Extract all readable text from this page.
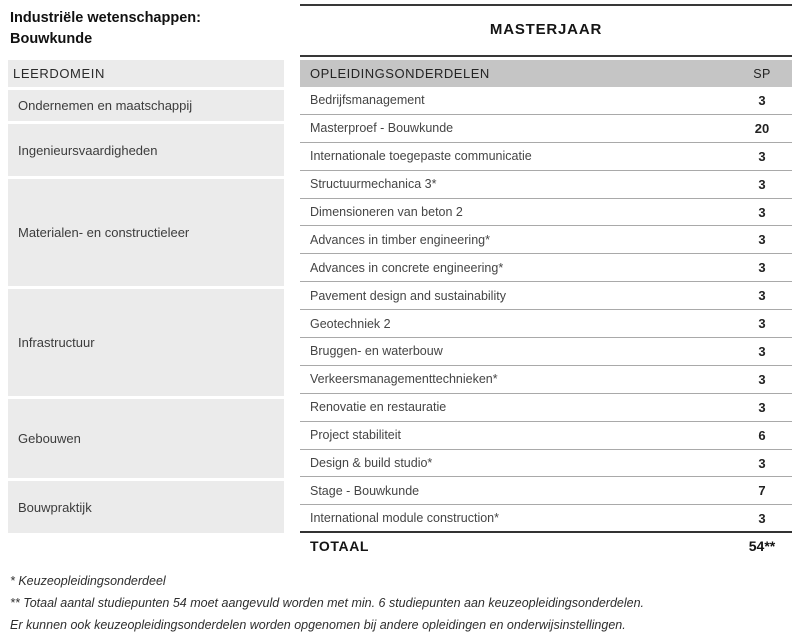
Industriële wetenschappen:
Bouwkunde
LEERDOMEIN
Ondernemen en maatschappij
Ingenieursvaardigheden
Materialen- en constructieleer
Infrastructuur
Gebouwen
Bouwpraktijk
MASTERJAAR
OPLEIDINGSONDERDELEN	SP
Bedrijfsmanagement	3
Masterproef - Bouwkunde	20
Internationale toegepaste communicatie	3
Structuurmechanica 3*	3
Dimensioneren van beton 2	3
Advances in timber engineering*	3
Advances in concrete engineering*	3
Pavement design and sustainability	3
Geotechniek 2	3
Bruggen- en waterbouw	3
Verkeersmanagementtechnieken*	3
Renovatie en restauratie	3
Project stabiliteit	6
Design & build studio*	3
Stage - Bouwkunde	7
International module construction*	3
TOTAAL	54**
* Keuzeopleidingsonderdeel
** Totaal aantal studiepunten 54 moet aangevuld worden met min. 6 studiepunten aan keuzeopleidingsonderdelen.
Er kunnen ook keuzeopleidingsonderdelen worden opgenomen bij andere opleidingen en onderwijsinstellingen.
